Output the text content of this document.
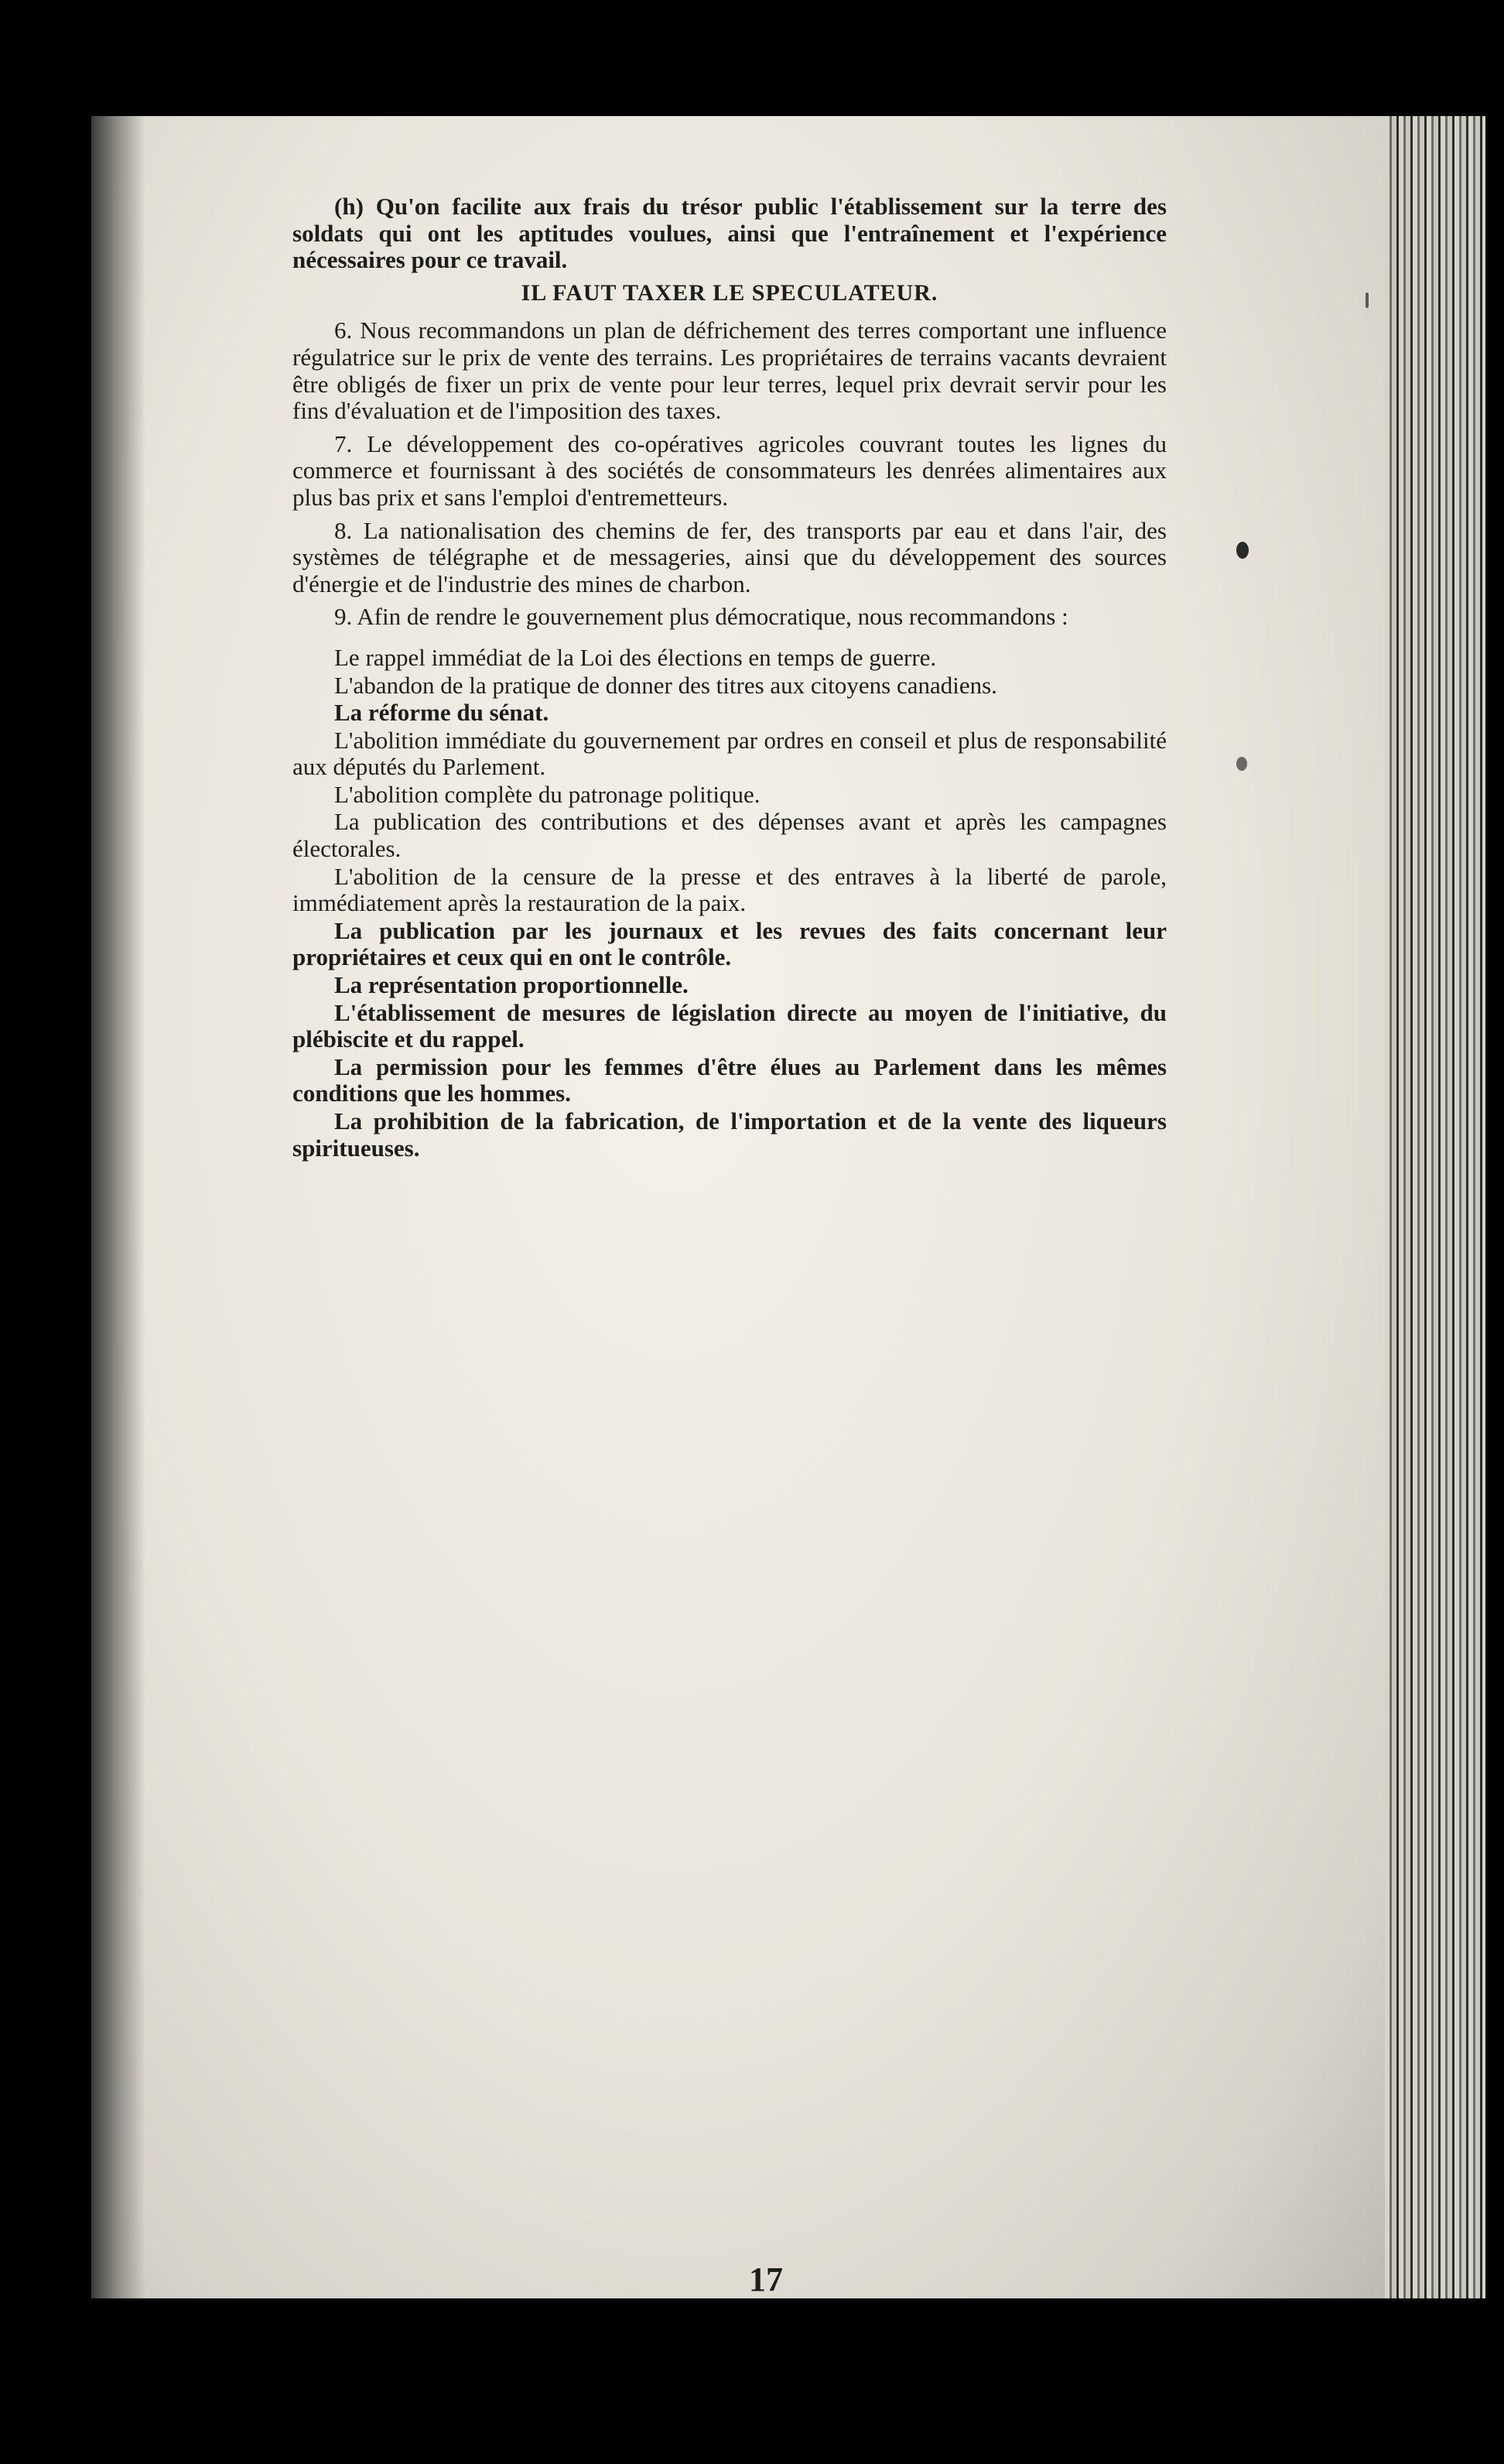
(h) Qu'on facilite aux frais du trésor public l'établissement sur la terre des soldats qui ont les aptitudes voulues, ainsi que l'entraînement et l'expérience nécessaires pour ce travail.

IL FAUT TAXER LE SPECULATEUR.

6. Nous recommandons un plan de défrichement des terres comportant une influence régulatrice sur le prix de vente des terrains. Les propriétaires de terrains vacants devraient être obligés de fixer un prix de vente pour leur terres, lequel prix devrait servir pour les fins d'évaluation et de l'imposition des taxes.

7. Le développement des co-opératives agricoles couvrant toutes les lignes du commerce et fournissant à des sociétés de consommateurs les denrées alimentaires aux plus bas prix et sans l'emploi d'entremetteurs.

8. La nationalisation des chemins de fer, des transports par eau et dans l'air, des systèmes de télégraphe et de messageries, ainsi que du développement des sources d'énergie et de l'industrie des mines de charbon.

9. Afin de rendre le gouvernement plus démocratique, nous recommandons :

Le rappel immédiat de la Loi des élections en temps de guerre.

L'abandon de la pratique de donner des titres aux citoyens canadiens.

La réforme du sénat.

L'abolition immédiate du gouvernement par ordres en conseil et plus de responsabilité aux députés du Parlement.

L'abolition complète du patronage politique.

La publication des contributions et des dépenses avant et après les campagnes électorales.

L'abolition de la censure de la presse et des entraves à la liberté de parole, immédiatement après la restauration de la paix.

La publication par les journaux et les revues des faits concernant leur propriétaires et ceux qui en ont le contrôle.

La représentation proportionnelle.

L'établissement de mesures de législation directe au moyen de l'initiative, du plébiscite et du rappel.

La permission pour les femmes d'être élues au Parlement dans les mêmes conditions que les hommes.

La prohibition de la fabrication, de l'importation et de la vente des liqueurs spiritueuses.

17
